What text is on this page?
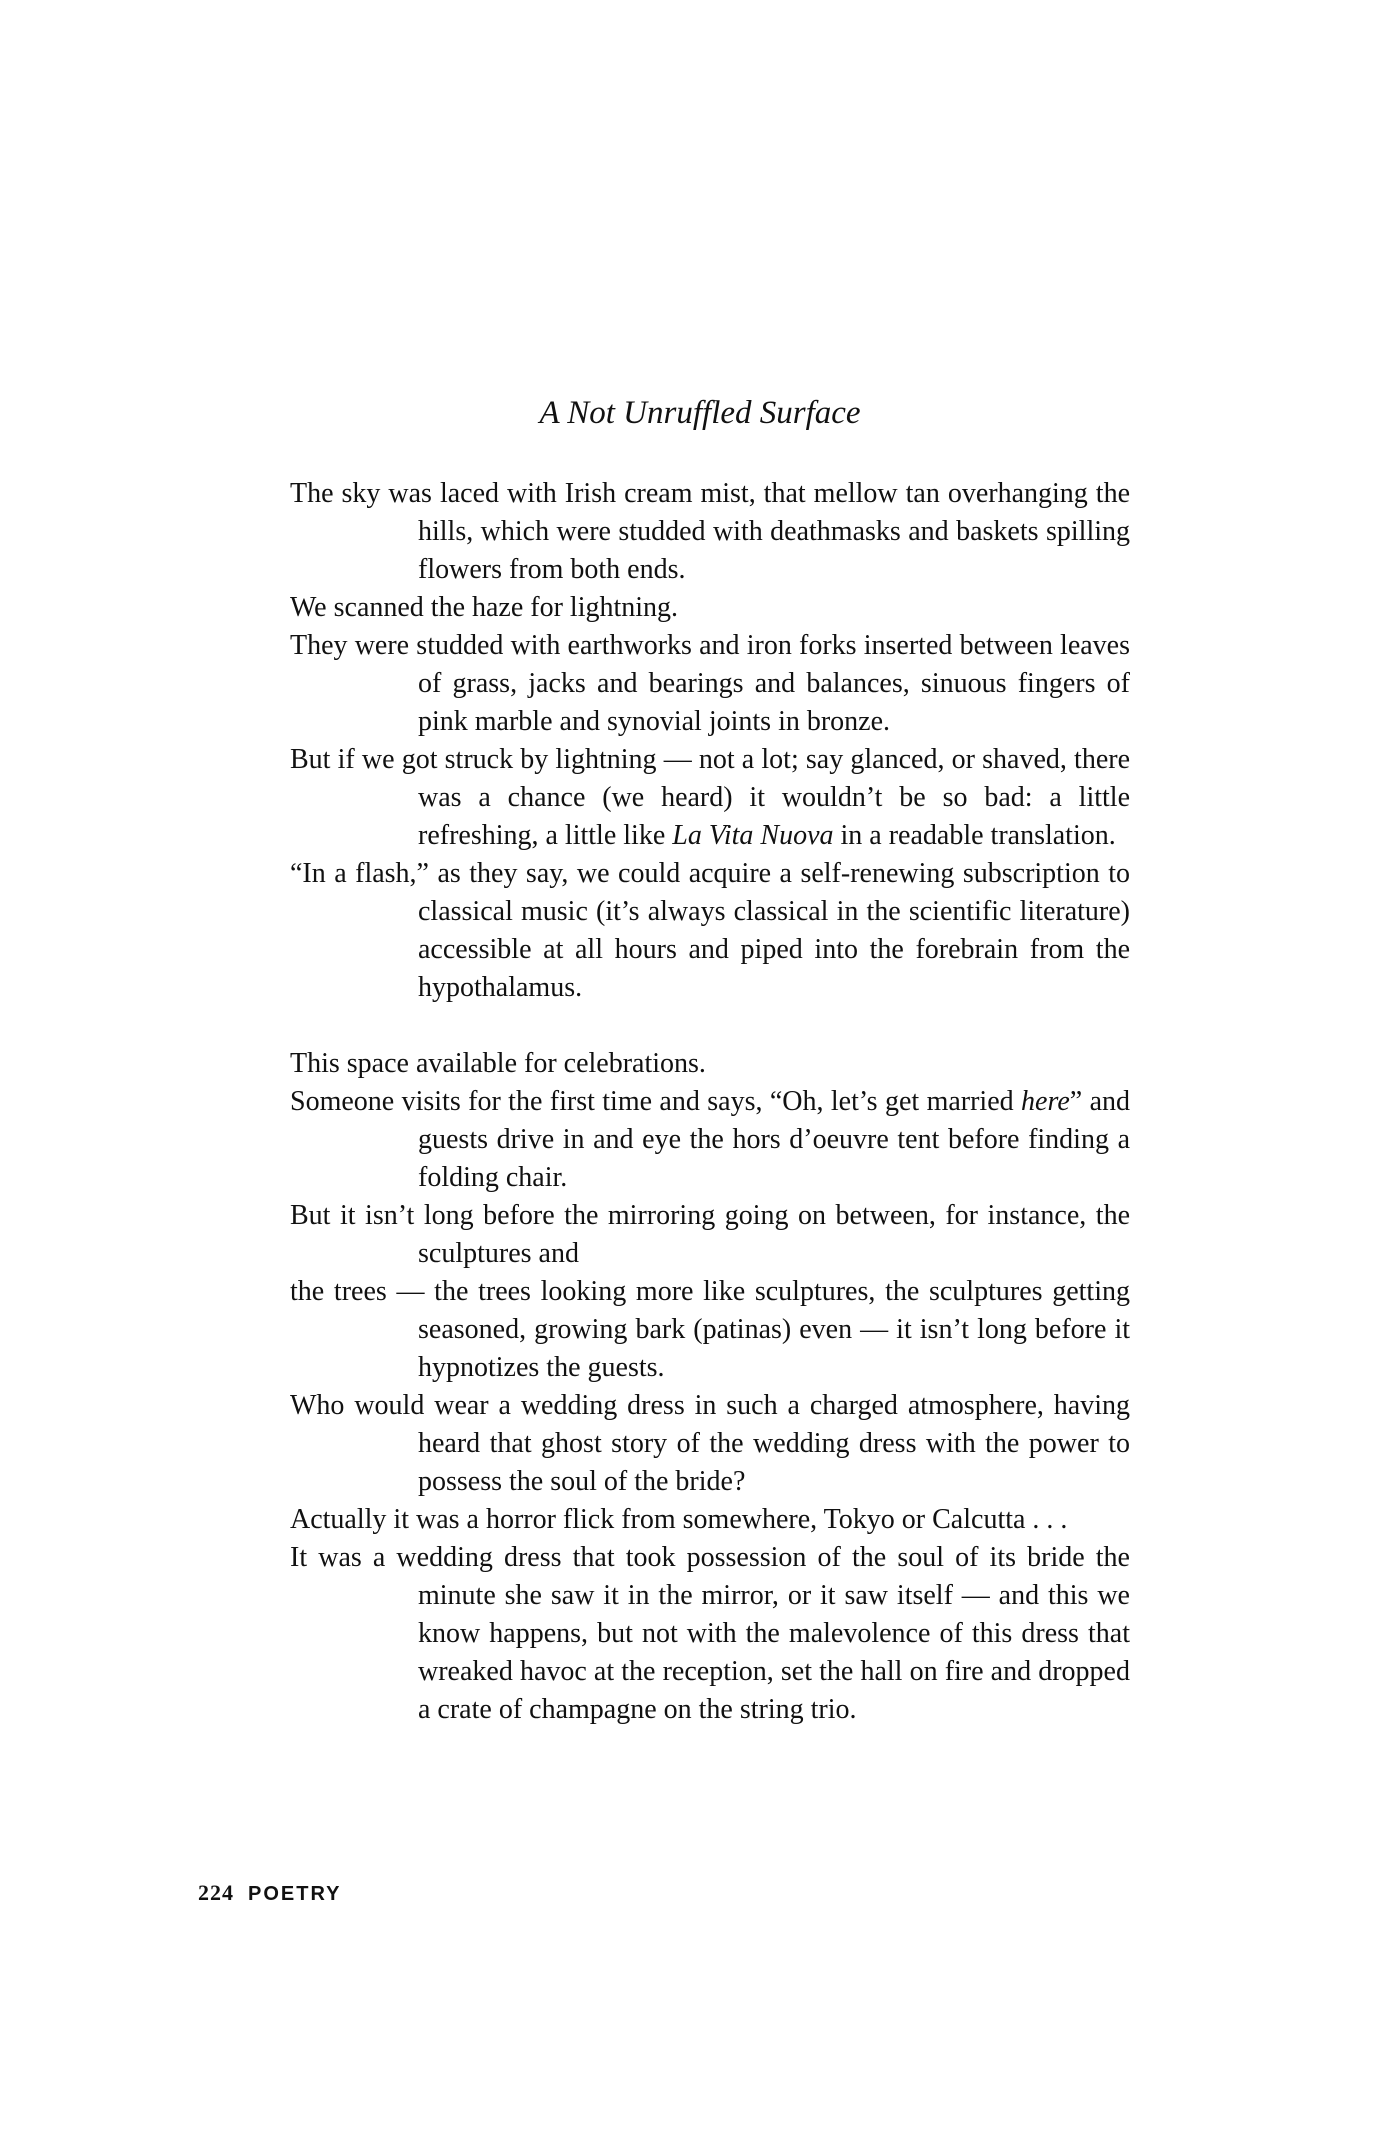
A Not Unruffled Surface
The sky was laced with Irish cream mist, that mellow tan overhanging the hills, which were studded with deathmasks and baskets spilling flowers from both ends.
We scanned the haze for lightning.
They were studded with earthworks and iron forks inserted between leaves of grass, jacks and bearings and balances, sinuous fingers of pink marble and synovial joints in bronze.
But if we got struck by lightning — not a lot; say glanced, or shaved, there was a chance (we heard) it wouldn’t be so bad: a little refreshing, a little like La Vita Nuova in a readable translation.
“In a flash,” as they say, we could acquire a self-renewing subscription to classical music (it’s always classical in the scientific literature) accessible at all hours and piped into the forebrain from the hypothalamus.
This space available for celebrations.
Someone visits for the first time and says, “Oh, let’s get married here” and guests drive in and eye the hors d’oeuvre tent before finding a folding chair.
But it isn’t long before the mirroring going on between, for instance, the sculptures and
the trees — the trees looking more like sculptures, the sculptures getting seasoned, growing bark (patinas) even — it isn’t long before it hypnotizes the guests.
Who would wear a wedding dress in such a charged atmosphere, having heard that ghost story of the wedding dress with the power to possess the soul of the bride?
Actually it was a horror flick from somewhere, Tokyo or Calcutta . . .
It was a wedding dress that took possession of the soul of its bride the minute she saw it in the mirror, or it saw itself — and this we know happens, but not with the malevolence of this dress that wreaked havoc at the reception, set the hall on fire and dropped a crate of champagne on the string trio.
224 POETRY
